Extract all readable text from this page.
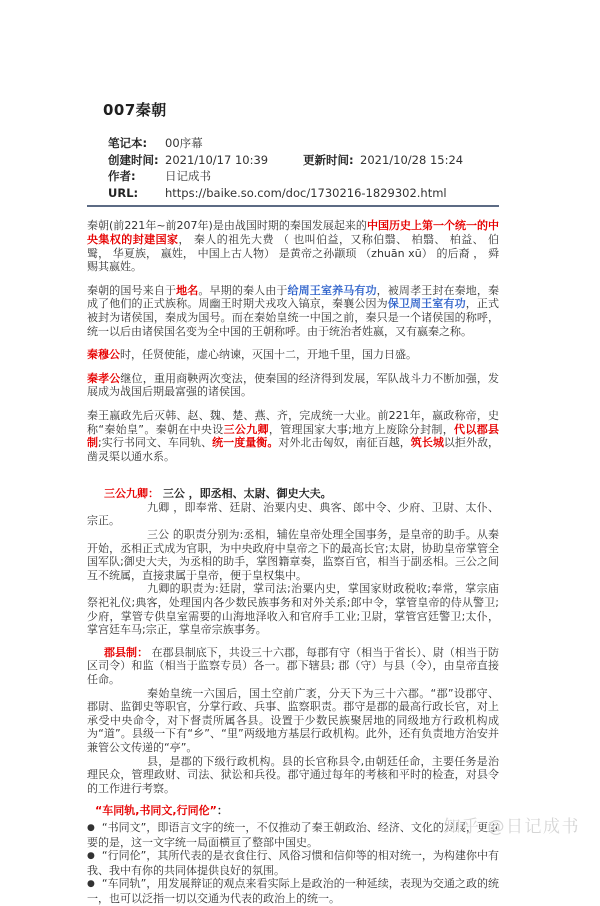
007秦朝
笔记本: 00序幕
创建时间: 2021/10/17 10:39	更新时间: 2021/10/28 15:24
作者:	日记成书
URL: https://baike.so.com/doc/1730216-1829302.html

秦朝(前221年~前207年)是由战国时期的秦国发展起来的中国历史上第一个统一的中央集权的封建国家， 秦人的祖先大费 （ 也叫伯益，又称伯翳、 柏翳、 柏益、 伯鹥， 华夏族， 嬴姓， 中国上古人物） 是黄帝之孙颛顼 （zhuān xū） 的后裔 ， 舜赐其嬴姓。

秦朝的国号来自于地名。早期的秦人由于给周王室养马有功，被周孝王封在秦地，秦成了他们的正式族称。周幽王时期犬戎攻入镐京，秦襄公因为保卫周王室有功，正式被封为诸侯国，秦成为国号。而在秦始皇统一中国之前，秦只是一个诸侯国的称呼，统一以后由诸侯国名变为全中国的王朝称呼。由于统治者姓嬴，又有嬴秦之称。

秦穆公时，任贤使能，虚心纳谏，灭国十二，开地千里，国力日盛。

秦孝公继位，重用商鞅两次变法，使秦国的经济得到发展，军队战斗力不断加强，发展成为战国后期最富强的诸侯国。

秦王嬴政先后灭韩、赵、魏、楚、燕、齐，完成统一大业。前221年，嬴政称帝，史称“秦始皇”。秦朝在中央设三公九卿，管理国家大事;地方上废除分封制，代以郡县制;实行书同文、车同轨、统一度量衡。对外北击匈奴，南征百越，筑长城以拒外敌，凿灵渠以通水系。

三公九卿： 三公 ，即丞相、太尉、御史大夫。

九卿 ，即奉常、廷尉、治粟内史、典客、郎中令、少府、卫尉、太仆、宗正。

三公 的职责分别为:丞相，辅佐皇帝处理全国事务，是皇帝的助手。从秦开始，丞相正式成为官职，为中央政府中皇帝之下的最高长官;太尉，协助皇帝掌管全国军队;御史大夫，为丞相的助手，掌图籍章奏，监察百官，相当于副丞相。三公之间互不统属，直接隶属于皇帝，便于皇权集中。

九卿的职责为:廷尉，掌司法;治粟内史，掌国家财政税收;奉常，掌宗庙祭祀礼仪;典客，处理国内各少数民族事务和对外关系;郎中令，掌管皇帝的侍从警卫;少府，掌管专供皇室需要的山海地泽收入和官府手工业;卫尉，掌管宫廷警卫;太仆，掌宫廷车马;宗正，掌皇帝宗族事务。

郡县制： 在郡县制底下，共设三十六郡，每郡有守（相当于省长）、尉（相当于防区司令）和监（相当于监察专员）各一。郡下辖县; 郡（守）与县（令），由皇帝直接任命。

秦始皇统一六国后，国土空前广袤，分天下为三十六郡。“郡”设郡守、郡尉、监御史等职官，分掌行政、兵事、监察职责。郡守是郡的最高行政长官，对上承受中央命令，对下督责所属各县。设置于少数民族聚居地的同级地方行政机构成为“道”。县级一下有“乡”、“里”两级地方基层行政机构。此外，还有负责地方治安并兼管公文传递的“亭”。

县，是郡的下级行政机构。县的长官称县令,由朝廷任命，主要任务是治理民众，管理政财、司法、狱讼和兵役。郡守通过每年的考核和平时的检查，对县令的工作进行考察。

“车同轨,书同文,行同伦”：

● “书同文”，即语言文字的统一，不仅推动了秦王朝政治、经济、文化的发展，更重要的是，这一文字统一局面横亘了整部中国史。

● “行同伦”，其所代表的是衣食住行、风俗习惯和信仰等的相对统一，为构建你中有我、我中有你的共同体提供良好的氛围。

● “车同轨”，用发展辩证的观点来看实际上是政治的一种延续，表现为交通之政的统一，也可以泛指一切以交通为代表的政治上的统一。

知乎 @日记成书
